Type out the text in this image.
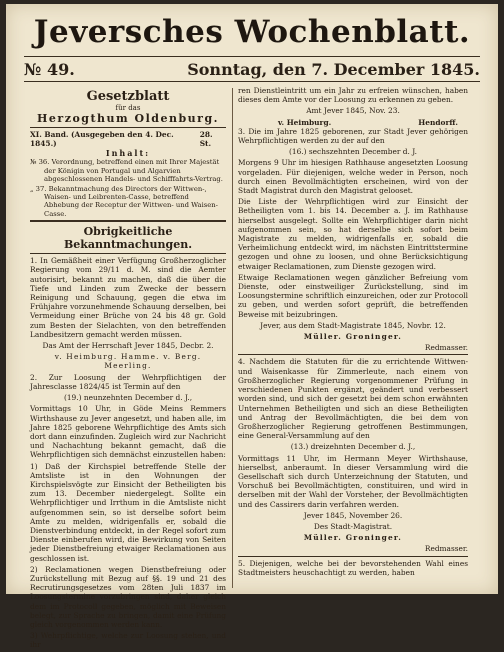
Jeversches Wochenblatt.
№ 49.	Sonntag, den 7. December 1845.
Gesetzblatt
für das
Herzogthum Oldenburg.
XI. Band. (Ausgegeben den 4. Dec. 1845.)
28. St.
Inhalt:
№ 36. Verordnung, betreffend einen mit Ihrer Majestät der Königin von Portugal und Algarvien abgeschlossenen Handels- und Schifffahrts-Vertrag.
„ 37. Bekanntmachung des Directors der Wittwen-, Waisen- und Leibrenten-Casse, betreffend Abhebung der Receptur der Wittwen- und Waisen-Casse.
Obrigkeitliche Bekanntmachungen.

1. In Gemäßheit einer Verfügung Großherzoglicher Regierung vom 29/11 d. M. sind die Aemter autorisirt, bekannt zu machen, daß die über die Tiefe und Linden zum Zwecke der bessern Reinigung und Schauung, gegen die etwa im Frühjahre vorzunehmende Schauung derselben, bei Vermeidung einer Brüche von 24 bis 48 gr. Gold zum Besten der Sielachten, von den betreffenden Landbesitzern gemacht werden müssen.

Das Amt der Herrschaft Jever 1845, Decbr. 2.

v. Heimburg. Hamme. v. Berg. Meerling.

2. Zur Loosung der Wehrpflichtigen der Jahresclasse 1824/45 ist Termin auf den

(19.) neunzehnten December d. J.,

Vormittags 10 Uhr, in Göde Meins Remmers Wirthshause zu Jever angesetzt, und haben alle, im Jahre 1825 geborene Wehrpflichtige des Amts sich dort dann einzufinden. Zugleich wird zur Nachricht und Nachachtung bekannt gemacht, daß die Wehrpflichtigen sich demnächst einzustellen haben:

1) Daß der Kirchspiel betreffende Stelle der Amtsliste ist in den Wohnungen der Kirchspielsvögte zur Einsicht der Betheiligten bis zum 13. December niedergelegt. Sollte ein Wehrpflichtiger und Irrthum in die Amtsliste nicht aufgenommen sein, so ist derselbe sofort beim Amte zu melden, widrigenfalls er, sobald die Dienstverbindung entdeckt, in der Regel sofort zum Dienste einberufen wird, die Bewirkung von Seiten jeder Dienstbefreiung etwaiger Reclamationen aus geschlossen ist.

2) Reclamationen wegen Dienstbefreiung oder Zurückstellung mit Bezug auf §§. 19 und 21 des Recrutirungsgesetzes vom 28ten Juli 1837 im Loosungstermine vorzubringen sind, daher gleich dem im Protocoll gegeben, möglich mit Beweisen belegt, zur Sprache zu bringen, damit eine Prüfung gleich vorgenommen werden kann.

3) Wehrpflichtige, welche zur Loosung stehen, und ihr

ren Dienstleintritt um ein Jahr zu erfreien wünschen, haben dieses dem Amte vor der Loosung zu erkennen zu geben.

Amt Jever 1845, Nov. 23.

v. Heimburg.	Hendorff.

3. Die im Jahre 1825 geborenen, zur Stadt Jever gehörigen Wehrpflichtigen werden zu der auf den

(16.) sechszehnten December d. J.

Morgens 9 Uhr im hiesigen Rathhause angesetzten Loosung vorgeladen. Für diejenigen, welche weder in Person, noch durch einen Bevollmächtigten erscheinen, wird von der Stadt Magistrat durch den Magistrat gelooset.

Die Liste der Wehrpflichtigen wird zur Einsicht der Betheiligten vom 1. bis 14. December a. J. im Rathhause hierselbst ausgelegt. Sollte ein Wehrpflichtiger darin nicht aufgenommen sein, so hat derselbe sich sofort beim Magistrate zu melden, widrigenfalls er, sobald die Verheimlichung entdeckt wird, im nächsten Eintrittstermine gezogen und ohne zu loosen, und ohne Berücksichtigung etwaiger Reclamationen, zum Dienste gezogen wird.

Etwaige Reclamationen wegen gänzlicher Befreiung vom Dienste, oder einstweiliger Zurückstellung, sind im Loosungstermine schriftlich einzureichen, oder zur Protocoll zu geben, und werden sofort geprüft, die betreffenden Beweise mit beizubringen.

Jever, aus dem Stadt-Magistrate 1845, Novbr. 12.

Müller. Groninger.

Redmasser.

4. Nachdem die Statuten für die zu errichtende Wittwen- und Waisenkasse für Zimmerleute, nach einem von Großherzoglicher Regierung vorgenommener Prüfung in verschiedenen Punkten ergänzt, geändert und verbessert worden sind, und sich der gesetzt bei dem schon erwähnten Unternehmen Betheiligten und sich an diese Betheiligten und Antrag der Bevollmächtigten, die bei dem von Großherzoglicher Regierung getroffenen Bestimmungen, eine General-Versammlung auf den

(13.) dreizehnten December d. J.,

Vormittags 11 Uhr, im Hermann Meyer Wirthshause, hierselbst, anberaumt. In dieser Versammlung wird die Gesellschaft sich durch Unterzeichnung der Statuten, und Vorschuß bei Bevollmächtigten, constituiren, und wird in derselben mit der Wahl der Vorsteher, der Bevollmächtigten und des Cassirers darin verfahren werden.

Jever 1845, November 26.

Des Stadt-Magistrat.

Müller. Groninger.

Redmasser.

5. Diejenigen, welche bei der bevorstehenden Wahl eines Stadtmeisters heuschachtigt zu werden, haben
